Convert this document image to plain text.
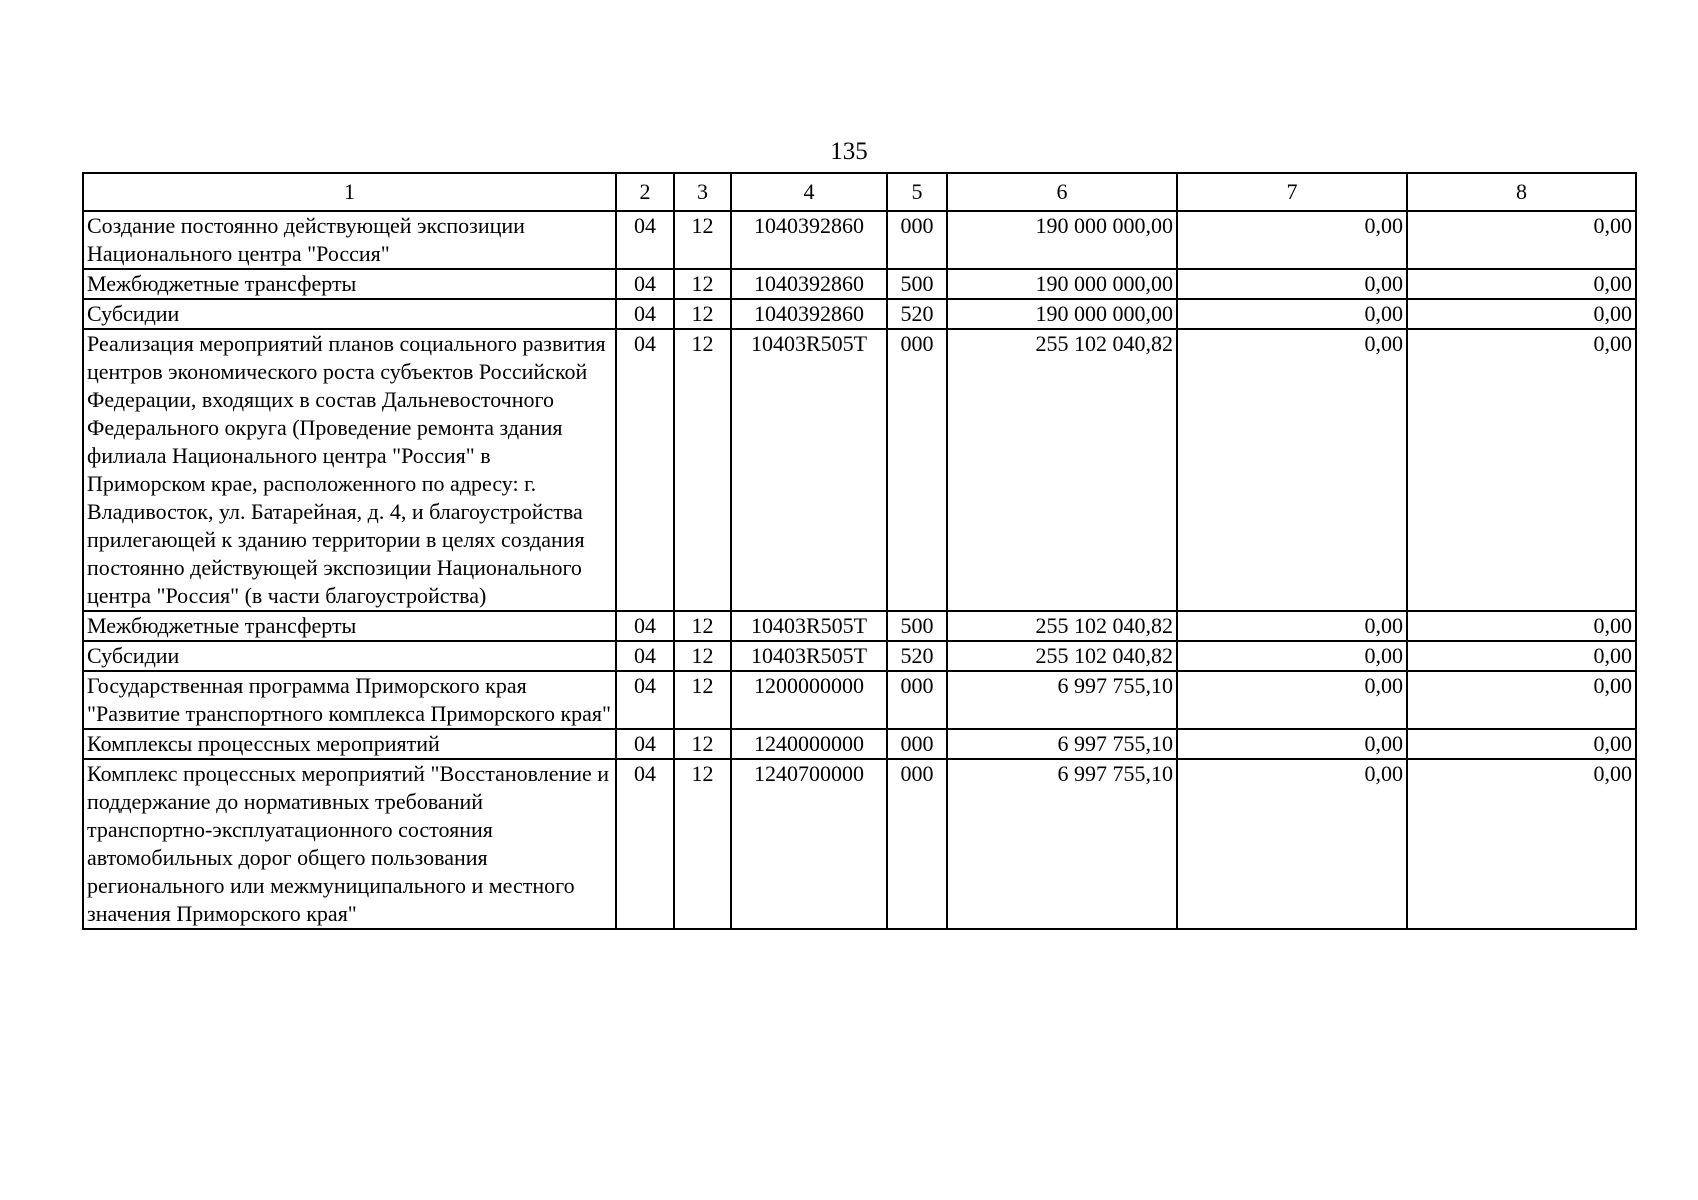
135
1	2	3	4	5	6	7	8
Создание постоянно действующей экспозиции Национального центра "Россия"	04	12	1040392860	000	190 000 000,00	0,00	0,00
Межбюджетные трансферты	04	12	1040392860	500	190 000 000,00	0,00	0,00
Субсидии	04	12	1040392860	520	190 000 000,00	0,00	0,00
Реализация мероприятий планов социального развития центров экономического роста субъектов Российской Федерации, входящих в состав Дальневосточного Федерального округа (Проведение ремонта здания филиала Национального центра "Россия" в Приморском крае, расположенного по адресу: г. Владивосток, ул. Батарейная, д. 4, и благоустройства прилегающей к зданию территории в целях создания постоянно действующей экспозиции Национального центра "Россия" (в части благоустройства)	04	12	10403R505T	000	255 102 040,82	0,00	0,00
Межбюджетные трансферты	04	12	10403R505T	500	255 102 040,82	0,00	0,00
Субсидии	04	12	10403R505T	520	255 102 040,82	0,00	0,00
Государственная программа Приморского края "Развитие транспортного комплекса Приморского края"	04	12	1200000000	000	6 997 755,10	0,00	0,00
Комплексы процессных мероприятий	04	12	1240000000	000	6 997 755,10	0,00	0,00
Комплекс процессных мероприятий "Восстановление и поддержание до нормативных требований транспортно-эксплуатационного состояния автомобильных дорог общего пользования регионального или межмуниципального и местного значения Приморского края"	04	12	1240700000	000	6 997 755,10	0,00	0,00
